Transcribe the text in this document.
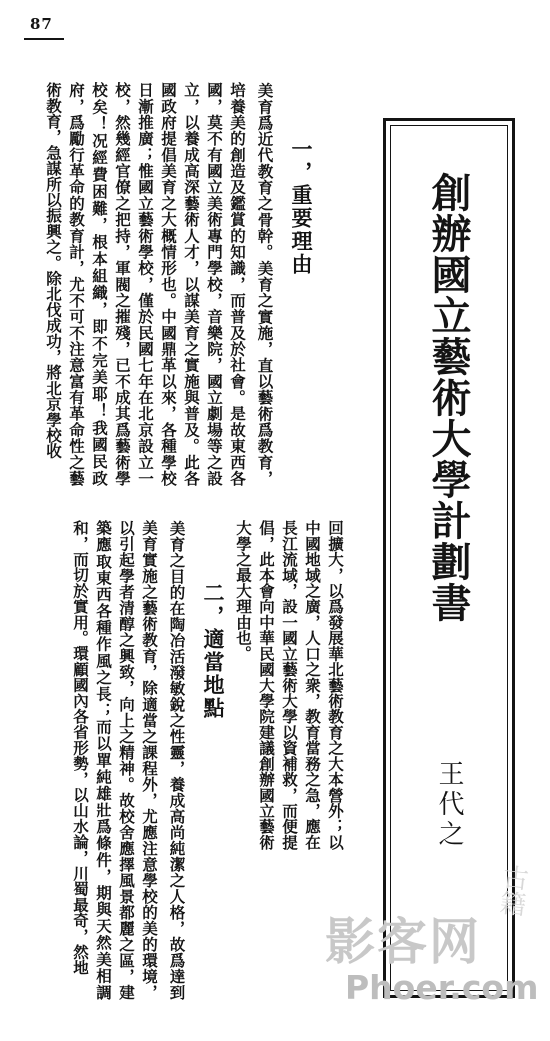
87
創辦國立藝術大學計劃書
王代之
一，重要理由
美育爲近代教育之骨幹。美育之實施，直以藝術爲教育，培養美的創造及鑑賞的知識，而普及於社會。是故東西各國，莫不有國立美術專門學校，音樂院，國立劇場等之設立，以養成高深藝術人才，以謀美育之實施與普及。此各國政府提倡美育之大概情形也。中國鼎革以來，各種學校日漸推廣；惟國立藝術學校，僅於民國七年在北京設立一校，然幾經官僚之把持，軍閥之摧殘，已不成其爲藝術學校矣！况經費困難，根本組織，即不完美耶！我國民政府，爲勵行革命的教育計，尤不可不注意富有革命性之藝術教育，急謀所以振興之。除北伐成功，將北京學校收
回擴大，以爲發展華北藝術教育之大本營外；以中國地域之廣，人口之衆，教育當務之急，應在長江流域，設一國立藝術大學以資補救，而便提倡，此本會向中華民國大學院建議創辦國立藝術大學之最大理由也。
二，適當地點
美育之目的在陶冶活潑敏銳之性靈，養成高尚純潔之人格，故爲達到美育實施之藝術教育，除適當之課程外，尤應注意學校的美的環境，以引起學者清醇之興致，向上之精神。故校舍應擇風景都麗之區，建築應取東西各種作風之長；而以單純雄壯爲條件，期與天然美相調和，而切於實用。環顧國內各省形勢，以山水論，川蜀最奇，然地	古籍
影客网
Phoer.com
